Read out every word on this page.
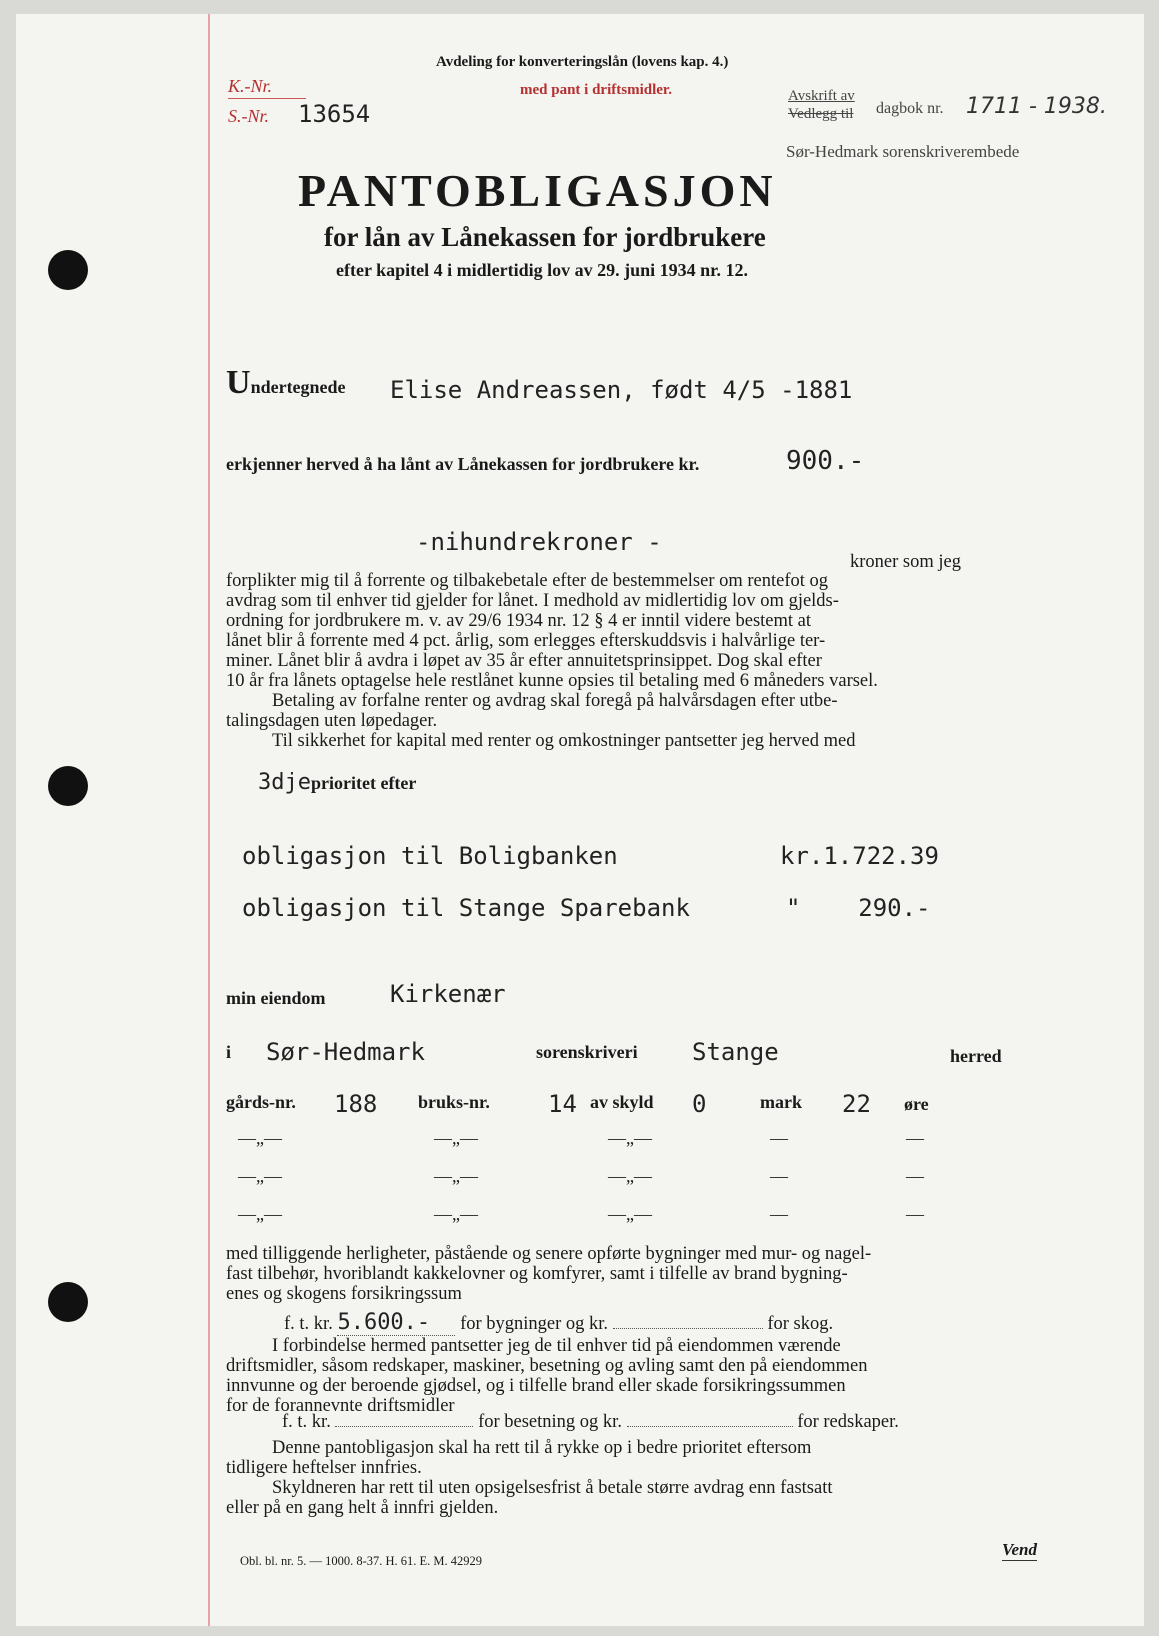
Avdeling for konverteringslån (lovens kap. 4.)
med pant i driftsmidler.
K.-Nr.
S.-Nr. 13654
Avskrift av
Vedlegg til dagbok nr. 1711 - 1938.
Sør-Hedmark sorenskriverembede
PANTOBLIGASJON
for lån av Lånekassen for jordbrukere
efter kapitel 4 i midlertidig lov av 29. juni 1934 nr. 12.
Undertegnede Elise Andreassen, født 4/5 -1881
erkjenner herved å ha lånt av Lånekassen for jordbrukere kr.	900.-
-nihundrekroner -
kroner som jeg
forplikter mig til å forrente og tilbakebetale efter de bestemmelser om rentefot og
avdrag som til enhver tid gjelder for lånet. I medhold av midlertidig lov om gjelds-
ordning for jordbrukere m. v. av 29/6 1934 nr. 12 § 4 er inntil videre bestemt at
lånet blir å forrente med 4 pct. årlig, som erlegges efterskuddsvis i halvårlige ter-
miner. Lånet blir å avdra i løpet av 35 år efter annuitetsprinsippet. Dog skal efter
10 år fra lånets optagelse hele restlånet kunne opsies til betaling med 6 måneders varsel.
Betaling av forfalne renter og avdrag skal foregå på halvårsdagen efter utbe-
talingsdagen uten løpedager.
Til sikkerhet for kapital med renter og omkostninger pantsetter jeg herved med
3djeprioritet efter
obligasjon til Boligbanken	kr.1.722.39
obligasjon til Stange Sparebank	"    290.-
min eiendom	Kirkenær
i Sør-Hedmark	sorenskriveri Stange	herred
gårds-nr. 188 bruks-nr. 14 av skyld 0	mark 22 øre
—„—	—„—	—„—	—	—
—„—	—„—	—„—	—	—
—„—	—„—	—„—	—	—
med tilliggende herligheter, påstående og senere opførte bygninger med mur- og nagel-
fast tilbehør, hvoriblandt kakkelovner og komfyrer, samt i tilfelle av brand bygning-
enes og skogens forsikringssum
f. t. kr. 5.600.- for bygninger og kr.	for skog.
I forbindelse hermed pantsetter jeg de til enhver tid på eiendommen værende
driftsmidler, såsom redskaper, maskiner, besetning og avling samt den på eiendommen
innvunne og der beroende gjødsel, og i tilfelle brand eller skade forsikringssummen
for de forannevnte driftsmidler
f. t. kr.	for besetning og kr.	for redskaper.
Denne pantobligasjon skal ha rett til å rykke op i bedre prioritet eftersom
tidligere heftelser innfries.
Skyldneren har rett til uten opsigelsesfrist å betale større avdrag enn fastsatt
eller på en gang helt å innfri gjelden.
Obl. bl. nr. 5. — 1000. 8-37. H. 61. E. M. 42929
Vend
